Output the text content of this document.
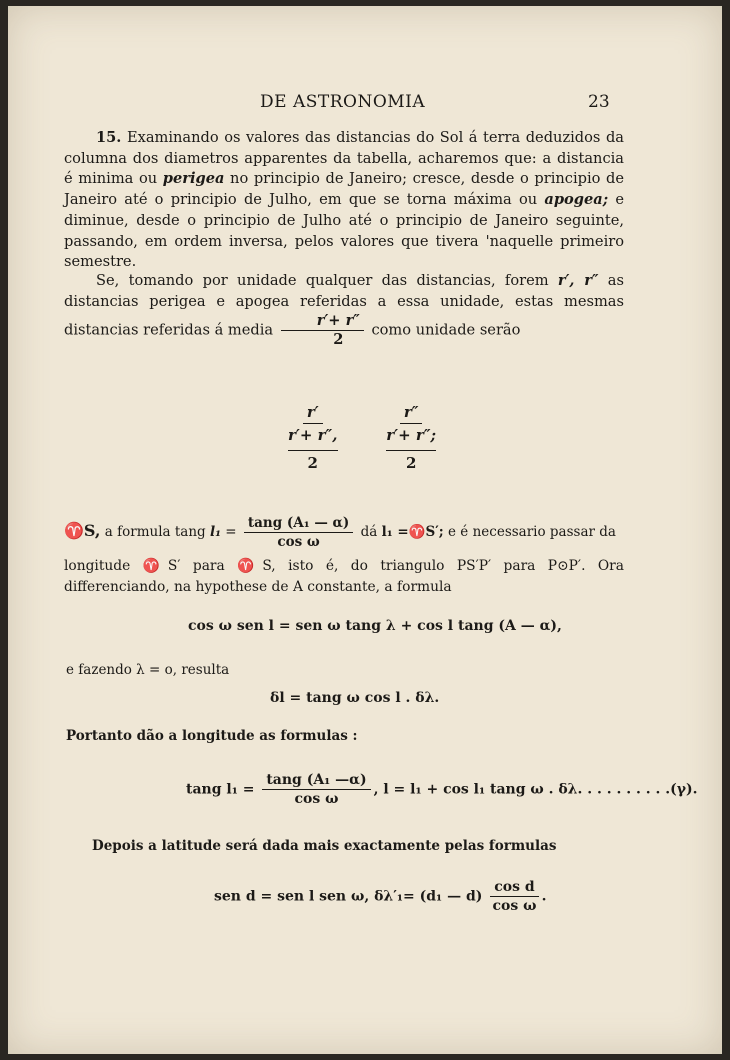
DE ASTRONOMIA	23

15. Examinando os valores das distancias do Sol á terra deduzidos da columna dos diametros apparentes da tabella, acharemos que: a distancia é minima ou perigea no principio de Janeiro; cresce, desde o principio de Janeiro até o principio de Julho, em que se torna máxima ou apogea; e diminue, desde o principio de Julho até o principio de Janeiro seguinte, passando, em ordem inversa, pelos valores que tivera 'naquelle primeiro semestre.

Se, tomando por unidade qualquer das distancias, forem r′, r″ as distancias perigea e apogea referidas a essa unidade, estas mesmas distancias referidas á media $\frac{r'+ r''}{2}$ como unidade serão

r′
r′+ r″,
2
	r″
r′+ r″;
2
♈S, a formula tang $l_1 = \frac{\text{tang (A₁ — α)}}{\text{cos ω}}$ dá l₁ =♈S′; e é necessario passar da

longitude ♈S′ para ♈S, isto é, do triangulo PS′P′ para P⊙P′. Ora differenciando, na hypothese de A constante, a formula

cos ω sen l = sen ω tang λ + cos l tang (A — α),
e fazendo λ = o, resulta
δl = tang ω cos l . δλ.
Portanto dão a longitude as formulas :
tang $l_1 = \frac{\text{tang (A₁ —α)}}{\text{cos ω}}$ , l = l₁ + cos l₁ tang ω . δλ. . . . . . . . . .(γ).
Depois a latitude será dada mais exactamente pelas formulas
sen d = sen l sen ω, δλ′₁= (d₁ — $d) \frac{\text{cos d}}{\text{cos ω}}$ .
